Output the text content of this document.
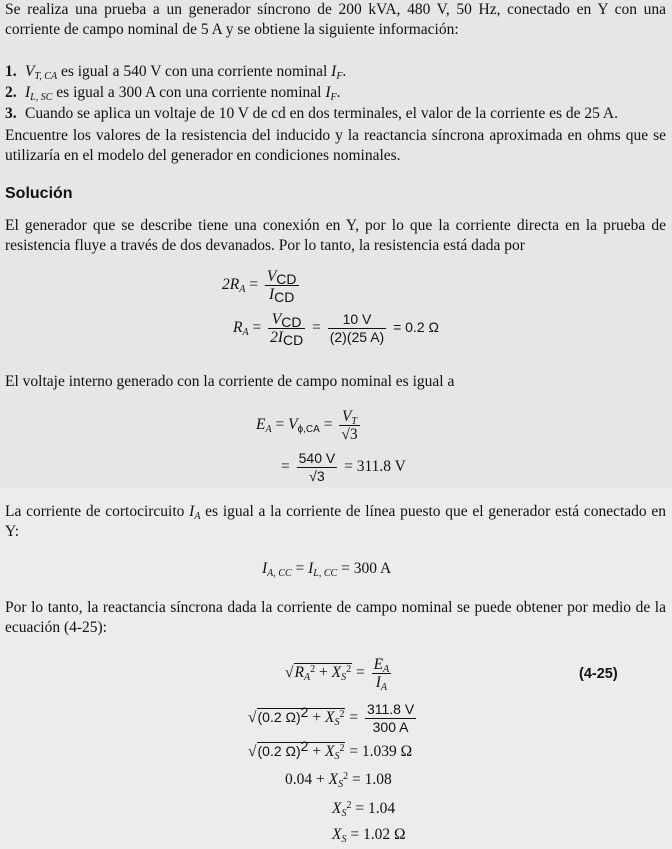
Se realiza una prueba a un generador síncrono de 200 kVA, 480 V, 50 Hz, conectado en Y con una corriente de campo nominal de 5 A y se obtiene la siguiente información:

1. $V_{T, CA}$ es igual a 540 V con una corriente nominal $I_F$.
2. $I_{L, SC}$ es igual a 300 A con una corriente nominal $I_F$.
3. Cuando se aplica un voltaje de 10 V de cd en dos terminales, el valor de la corriente es de 25 A.

Encuentre los valores de la resistencia del inducido y la reactancia síncrona aproximada en ohms que se utilizaría en el modelo del generador en condiciones nominales.

Solución

El generador que se describe tiene una conexión en Y, por lo que la corriente directa en la prueba de resistencia fluye a través de dos devanados. Por lo tanto, la resistencia está dada por

$2R_A = \frac{V_{CD}}{I_{CD}}$
$R_A = \frac{V_{CD}}{2I_{CD}} = \frac{10 V}{(2)(25 A)} = 0.2$ Ω

El voltaje interno generado con la corriente de campo nominal es igual a

$E_A = V_{\phi,CA} = \frac{V_T}{√3}$
= $\frac{540 V}{√3} = 311.8$ V

La corriente de cortocircuito $I_A$ es igual a la corriente de línea puesto que el generador está conectado en Y:

$I_{A, CC} = I_{L, CC} = 300$ A

Por lo tanto, la reactancia síncrona dada la corriente de campo nominal se puede obtener por medio de la ecuación (4-25):

$√R_A^2 + X_S^2 = \frac{E_A}{I_A}$	(4-25)
√(0.2 $\Omega)^2 + X_S^2 = \frac{311.8 V}{300 A}$
√(0.2 $\Omega)^2 + X_S^2 = 1.039$ Ω
$0.04 + X_S^2 = 1.08$
$X_S^2 = 1.04$
$X_S = 1.02$ Ω
